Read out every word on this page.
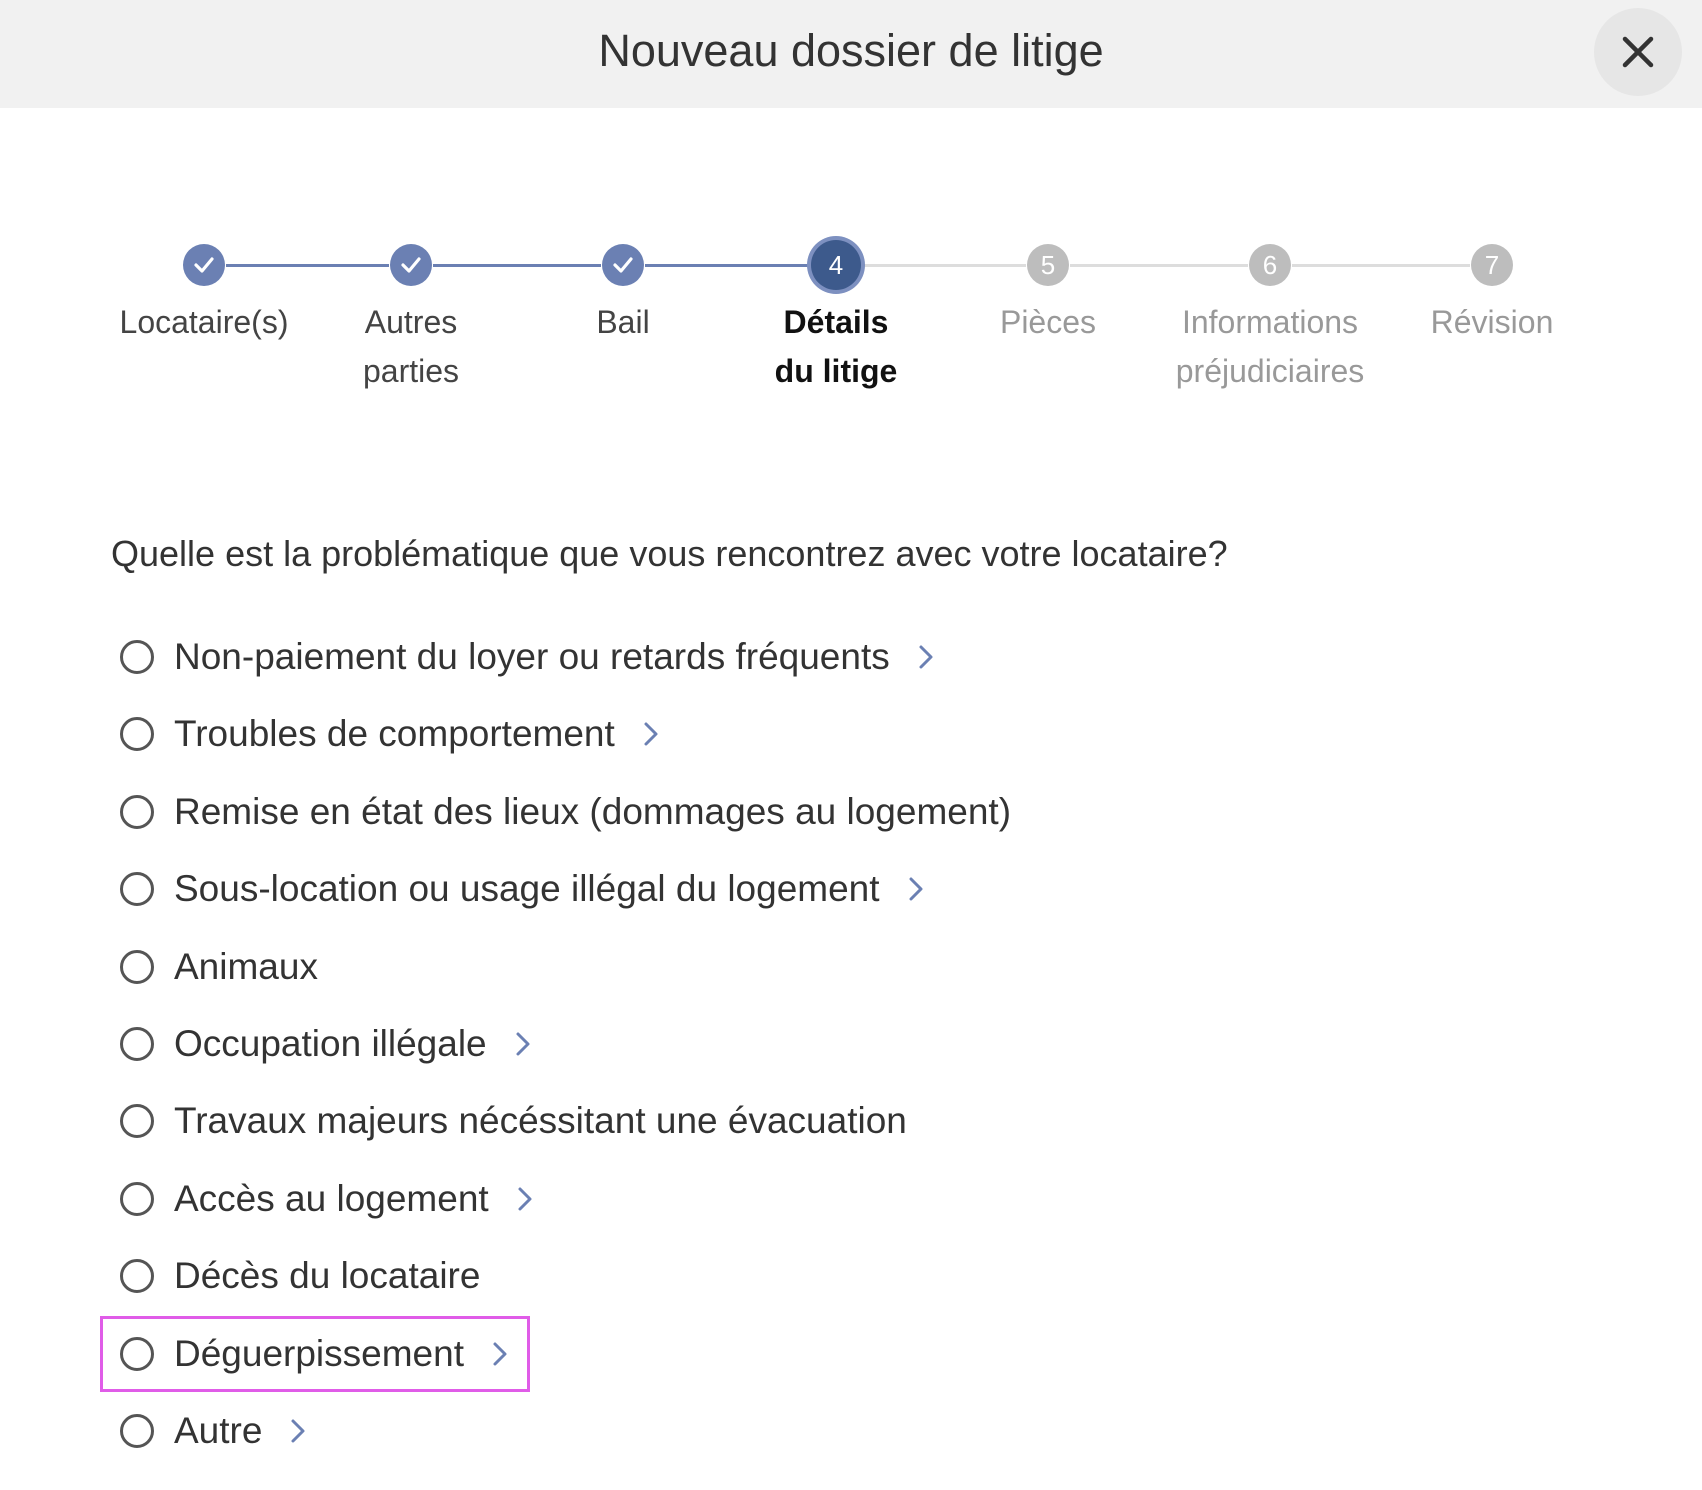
Nouveau dossier de litige
Locataire(s)	Autres
parties
Bail
4
Détails
du litige
5
Pièces
6
Informations
préjudiciaires
7
Révision
Quelle est la problématique que vous rencontrez avec votre locataire?
Non-paiement du loyer ou retards fréquents
Troubles de comportement
Remise en état des lieux (dommages au logement)
Sous-location ou usage illégal du logement
Animaux
Occupation illégale
Travaux majeurs nécéssitant une évacuation
Accès au logement
Décès du locataire
Déguerpissement
Autre
